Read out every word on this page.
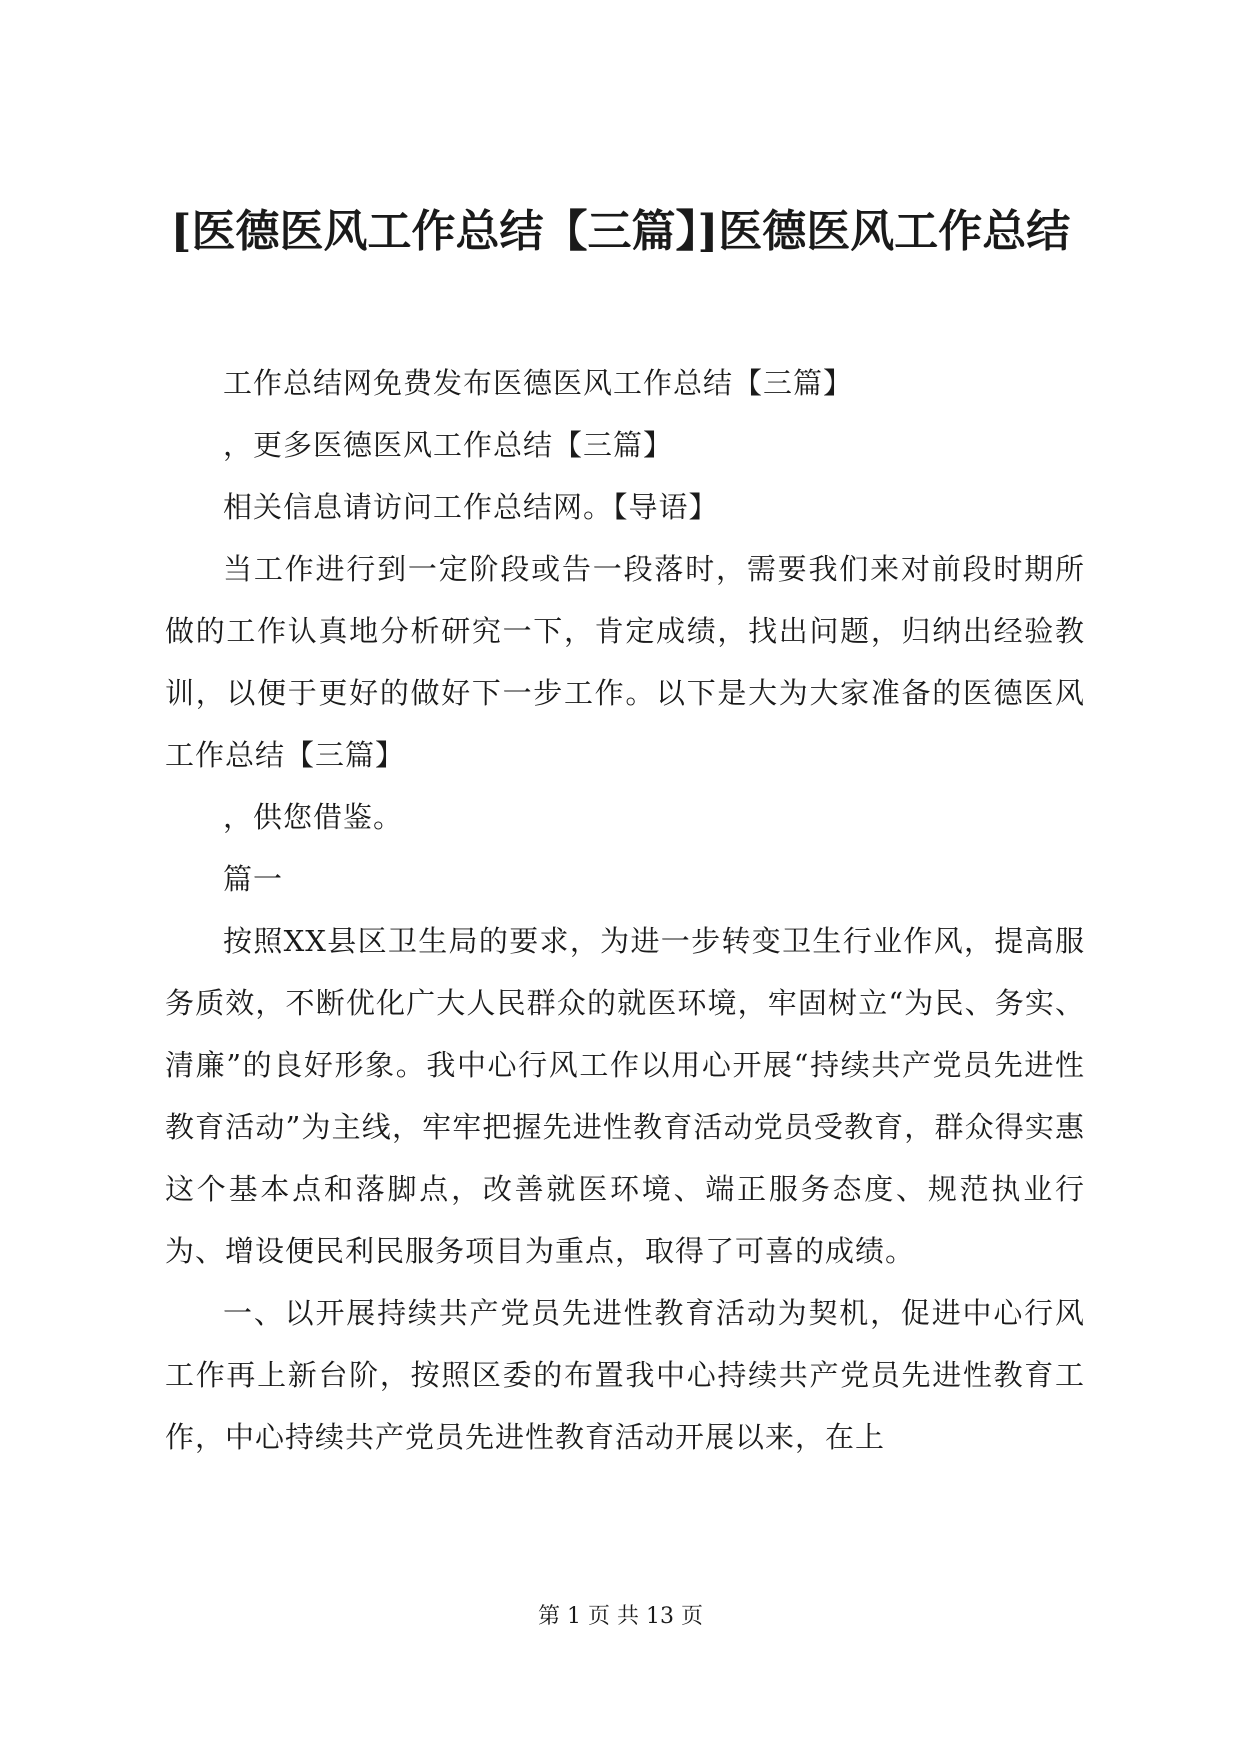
[医德医风工作总结【三篇】]医德医风工作总结

工作总结网免费发布医德医风工作总结【三篇】

，更多医德医风工作总结【三篇】

相关信息请访问工作总结网。【导语】

当工作进行到一定阶段或告一段落时，需要我们来对前段时期所做的工作认真地分析研究一下，肯定成绩，找出问题，归纳出经验教训，以便于更好的做好下一步工作。以下是大为大家准备的医德医风工作总结【三篇】

，供您借鉴。

篇一

按照XX县区卫生局的要求，为进一步转变卫生行业作风，提高服务质效，不断优化广大人民群众的就医环境，牢固树立“为民、务实、清廉”的良好形象。我中心行风工作以用心开展“持续共产党员先进性教育活动”为主线，牢牢把握先进性教育活动党员受教育，群众得实惠这个基本点和落脚点，改善就医环境、端正服务态度、规范执业行为、增设便民利民服务项目为重点，取得了可喜的成绩。

一、以开展持续共产党员先进性教育活动为契机，促进中心行风工作再上新台阶，按照区委的布置我中心持续共产党员先进性教育工作，中心持续共产党员先进性教育活动开展以来，在上

第 1 页 共 13 页
